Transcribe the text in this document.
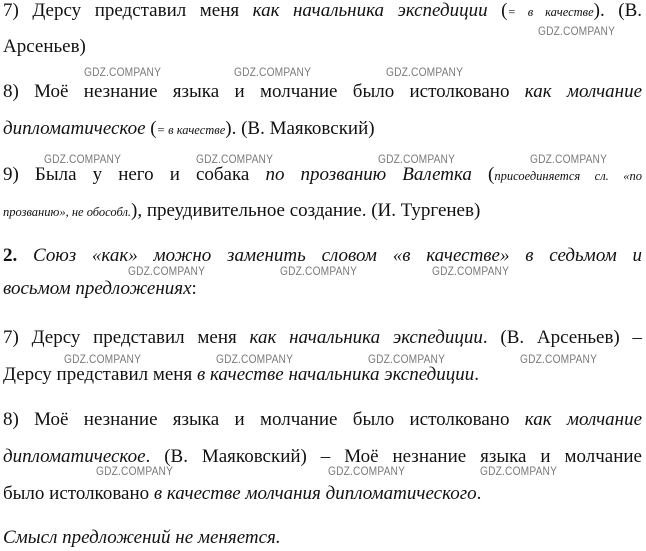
7) Дерсу представил меня как начальника экспедиции (= в качестве). (В.
Арсеньев)
8) Моё незнание языка и молчание было истолковано как молчание
дипломатическое (= в качестве). (В. Маяковский)
9) Была у него и собака по прозванию Валетка (присоединяется сл. «по
прозванию», не обособл.), преудивительное создание. (И. Тургенев)
2. Союз «как» можно заменить словом «в качестве» в седьмом и
восьмом предложениях:
7) Дерсу представил меня как начальника экспедиции. (В. Арсеньев) –
Дерсу представил меня в качестве начальника экспедиции.
8) Моё незнание языка и молчание было истолковано как молчание
дипломатическое. (В. Маяковский) – Моё незнание языка и молчание
было истолковано в качестве молчания дипломатического.
Смысл предложений не меняется.
GDZ.COMPANY
GDZ.COMPANY	GDZ.COMPANY	GDZ.COMPANY
GDZ.COMPANY	GDZ.COMPANY	GDZ.COMPANY	GDZ.COMPANY
GDZ.COMPANY	GDZ.COMPANY	GDZ.COMPANY
GDZ.COMPANY	GDZ.COMPANY	GDZ.COMPANY	GDZ.COMPANY
GDZ.COMPANY	GDZ.COMPANY	GDZ.COMPANY
